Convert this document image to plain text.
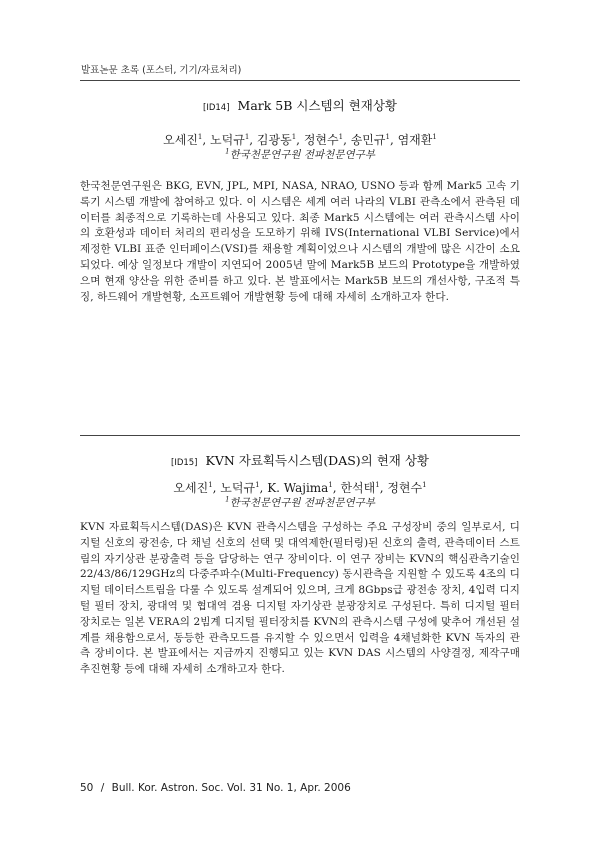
발표논문 초록 (포스터, 기기/자료처리)
[ID14] Mark 5B 시스템의 현재상황
오세진$^1$, 노덕규$^1$, 김광동$^1$, 정현수$^1$, 송민규$^1$, 염재환$^1$
$^1$한국천문연구원 전파천문연구부

한국천문연구원은 BKG, EVN, JPL, MPI, NASA, NRAO, USNO 등과 함께 Mark5 고속 기록기 시스템 개발에 참여하고 있다. 이 시스템은 세계 여러 나라의 VLBI 관측소에서 관측된 데이터를 최종적으로 기록하는데 사용되고 있다. 최종 Mark5 시스템에는 여러 관측시스템 사이의 호환성과 데이터 처리의 편리성을 도모하기 위해 IVS(International VLBI Service)에서 제정한 VLBI 표준 인터페이스(VSI)를 채용할 계획이었으나 시스템의 개발에 많은 시간이 소요되었다. 예상 일정보다 개발이 지연되어 2005년 말에 Mark5B 보드의 Prototype을 개발하였으며 현재 양산을 위한 준비를 하고 있다. 본 발표에서는 Mark5B 보드의 개선사항, 구조적 특징, 하드웨어 개발현황, 소프트웨어 개발현황 등에 대해 자세히 소개하고자 한다.

[ID15] KVN 자료획득시스템(DAS)의 현재 상황
오세진$^1$, 노덕규$^1$, K. Wajima$^1$, 한석태$^1$, 정현수$^1$
$^1$한국천문연구원 전파천문연구부

KVN 자료획득시스템(DAS)은 KVN 관측시스템을 구성하는 주요 구성장비 중의 일부로서, 디지털 신호의 광전송, 다 채널 신호의 선택 및 대역제한(필터링)된 신호의 출력, 관측데이터 스트림의 자기상관 분광출력 등을 담당하는 연구 장비이다. 이 연구 장비는 KVN의 핵심관측기술인 22/43/86/129GHz의 다중주파수(Multi-Frequency) 동시관측을 지원할 수 있도록 4조의 디지털 데이터스트림을 다룰 수 있도록 설계되어 있으며, 크게 8Gbps급 광전송 장치, 4입력 디지털 필터 장치, 광대역 및 협대역 겸용 디지털 자기상관 분광장치로 구성된다. 특히 디지털 필터 장치로는 일본 VERA의 2빔계 디지털 필터장치를 KVN의 관측시스템 구성에 맞추어 개선된 설계를 채용함으로서, 동등한 관측모드를 유지할 수 있으면서 입력을 4채널화한 KVN 독자의 관측 장비이다. 본 발표에서는 지금까지 진행되고 있는 KVN DAS 시스템의 사양결정, 제작구매 추진현황 등에 대해 자세히 소개하고자 한다.

50 / Bull. Kor. Astron. Soc. Vol. 31 No. 1, Apr. 2006
